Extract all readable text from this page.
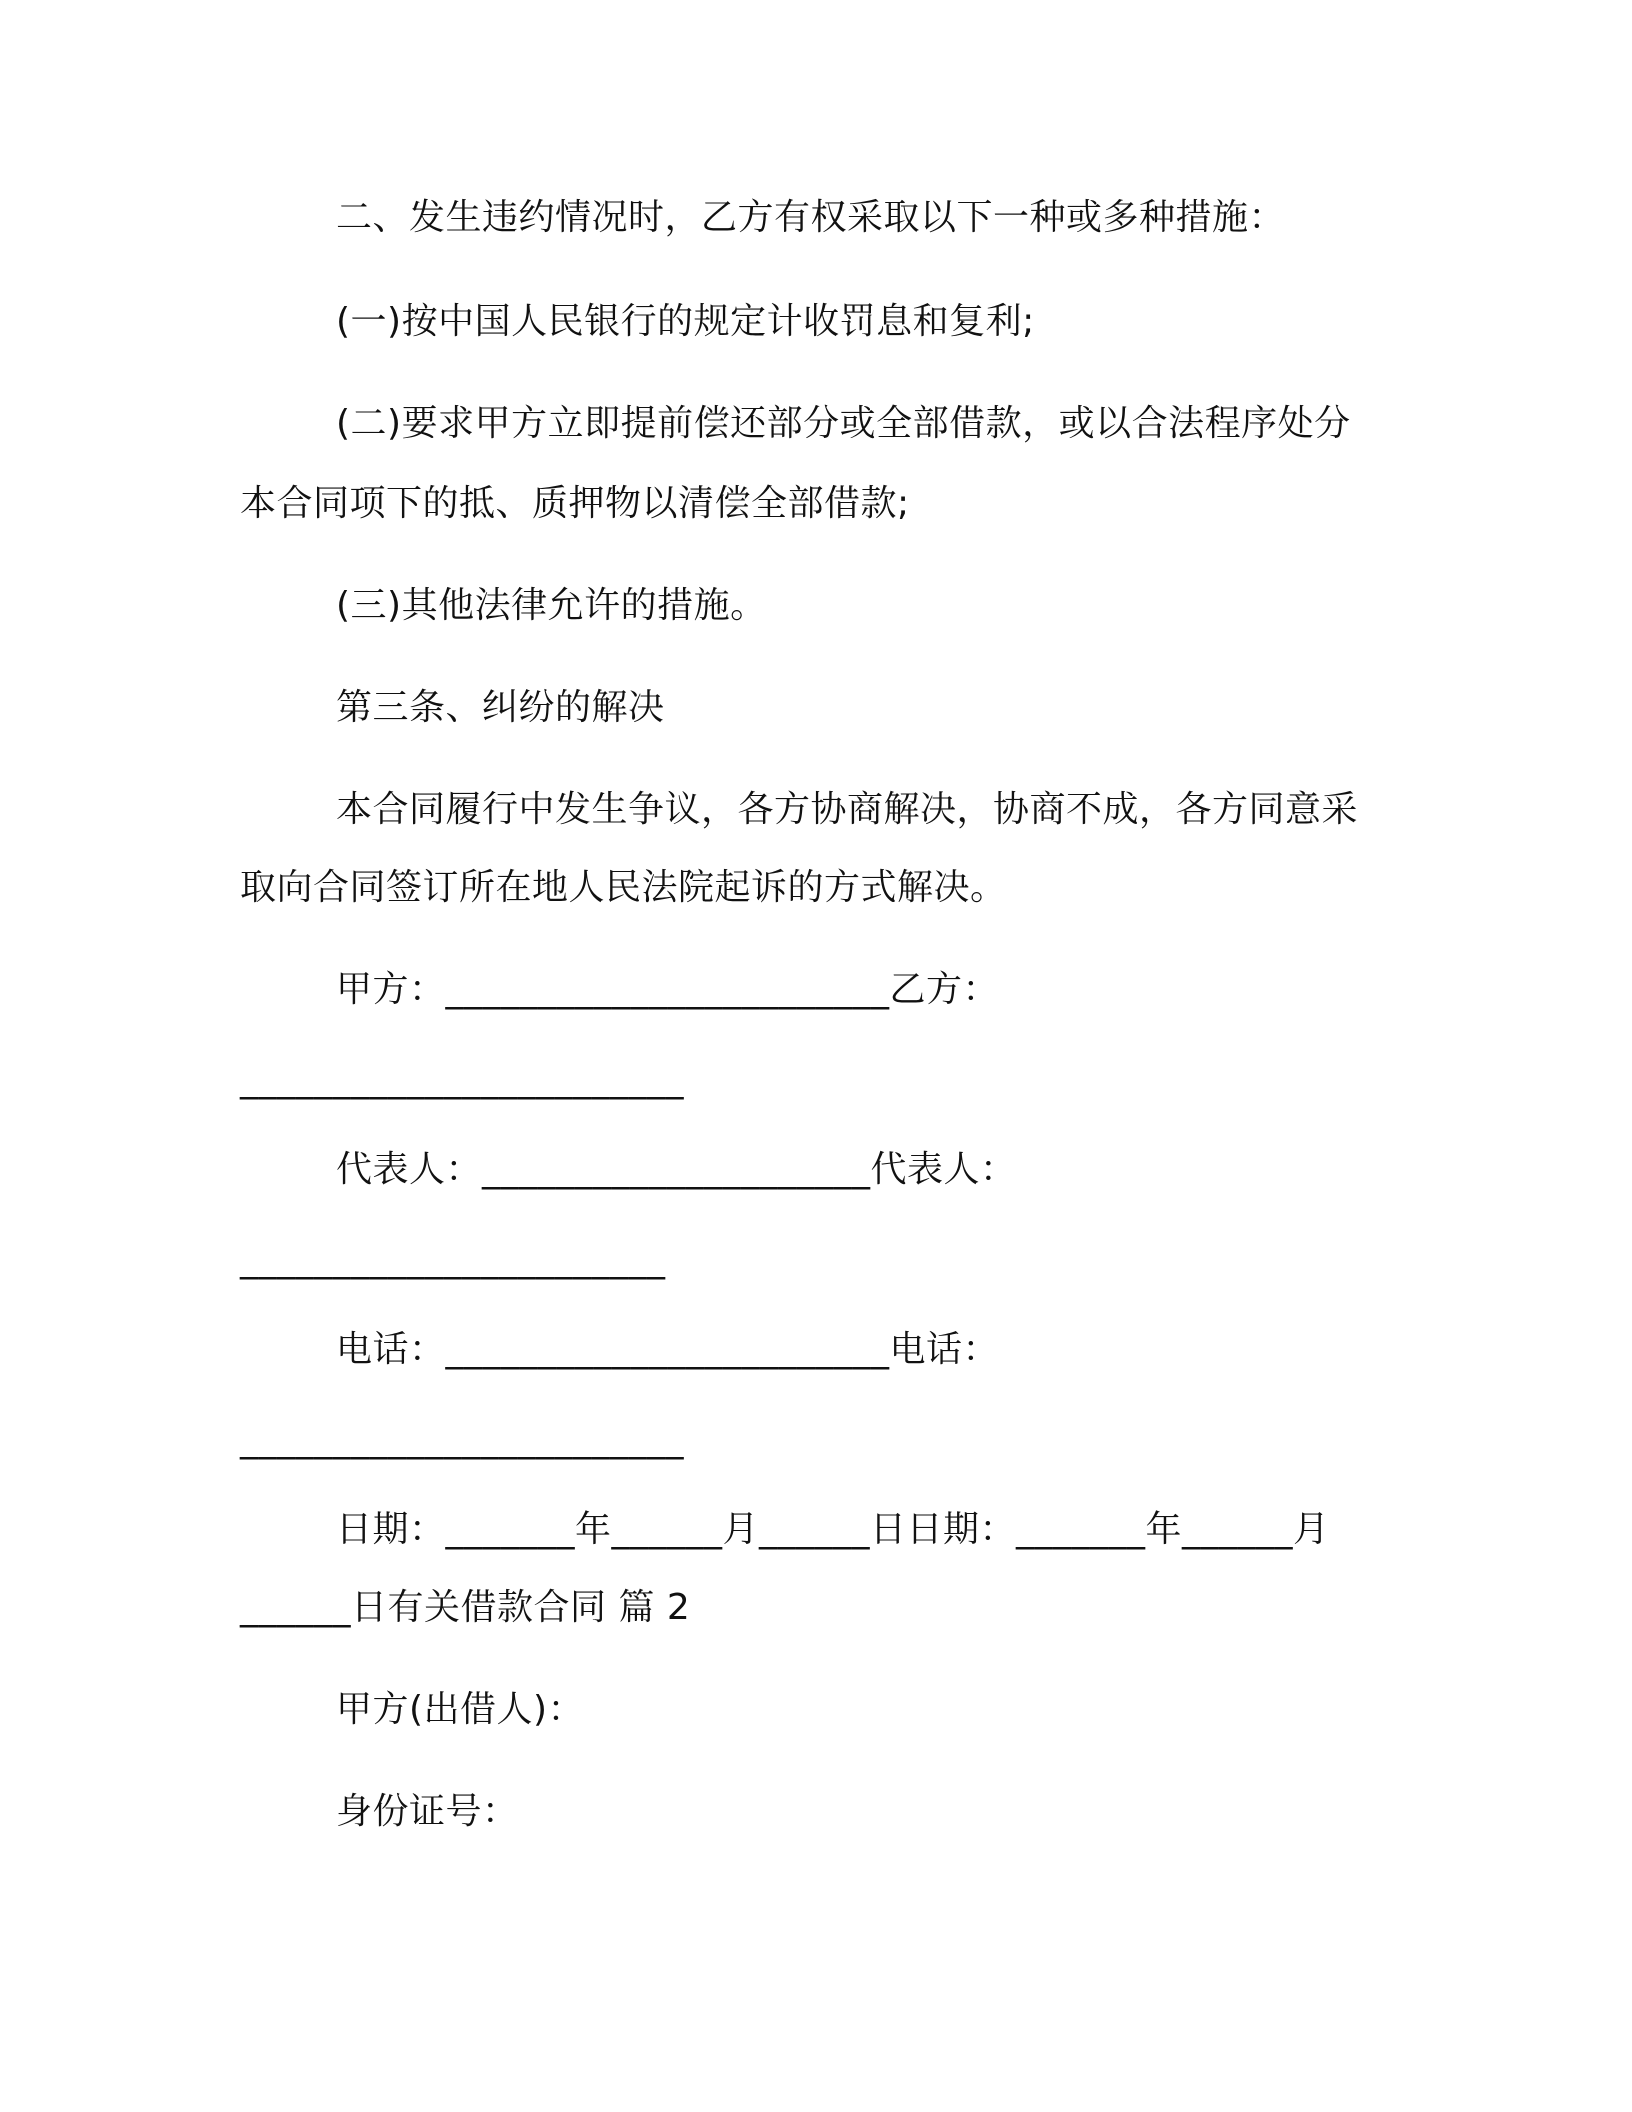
二、发生违约情况时，乙方有权采取以下一种或多种措施：
(一)按中国人民银行的规定计收罚息和复利;
(二)要求甲方立即提前偿还部分或全部借款，或以合法程序处分
本合同项下的抵、质押物以清偿全部借款;
(三)其他法律允许的措施。
第三条、纠纷的解决
本合同履行中发生争议，各方协商解决，协商不成，各方同意采
取向合同签订所在地人民法院起诉的方式解决。
甲方：________________________乙方：
________________________
代表人：_____________________代表人：
_______________________
电话：________________________电话：
________________________
日期：_______年______月______日日期：_______年______月
______日有关借款合同 篇 2
甲方(出借人)：
身份证号：
